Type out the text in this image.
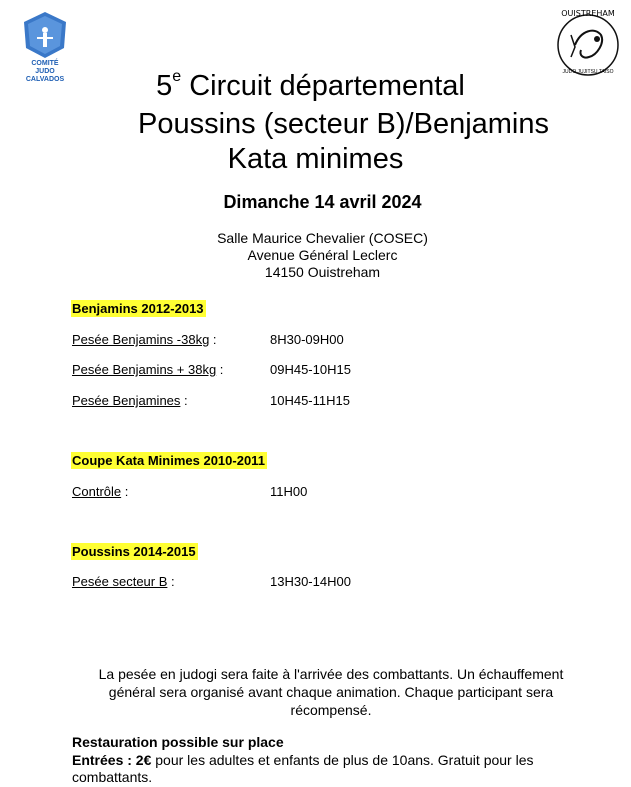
COMITÉ JUDO CALVADOS
OUISTREHAM
JUDO JUJITSU TAISO
5e Circuit départemental
Poussins (secteur B)/Benjamins
Kata minimes
Dimanche 14 avril 2024
Salle Maurice Chevalier (COSEC)
Avenue Général Leclerc
14150 Ouistreham
Benjamins 2012-2013
Pesée Benjamins -38kg :	8H30-09H00
Pesée Benjamins + 38kg :	09H45-10H15
Pesée Benjamines :	10H45-11H15
Coupe Kata Minimes 2010-2011
Contrôle :	11H00
Poussins 2014-2015
Pesée secteur B :	13H30-14H00
La pesée en judogi sera faite à l'arrivée des combattants. Un échauffement général sera organisé avant chaque animation. Chaque participant sera récompensé.
Restauration possible sur place
Entrées : 2€ pour les adultes et enfants de plus de 10ans. Gratuit pour les combattants.
